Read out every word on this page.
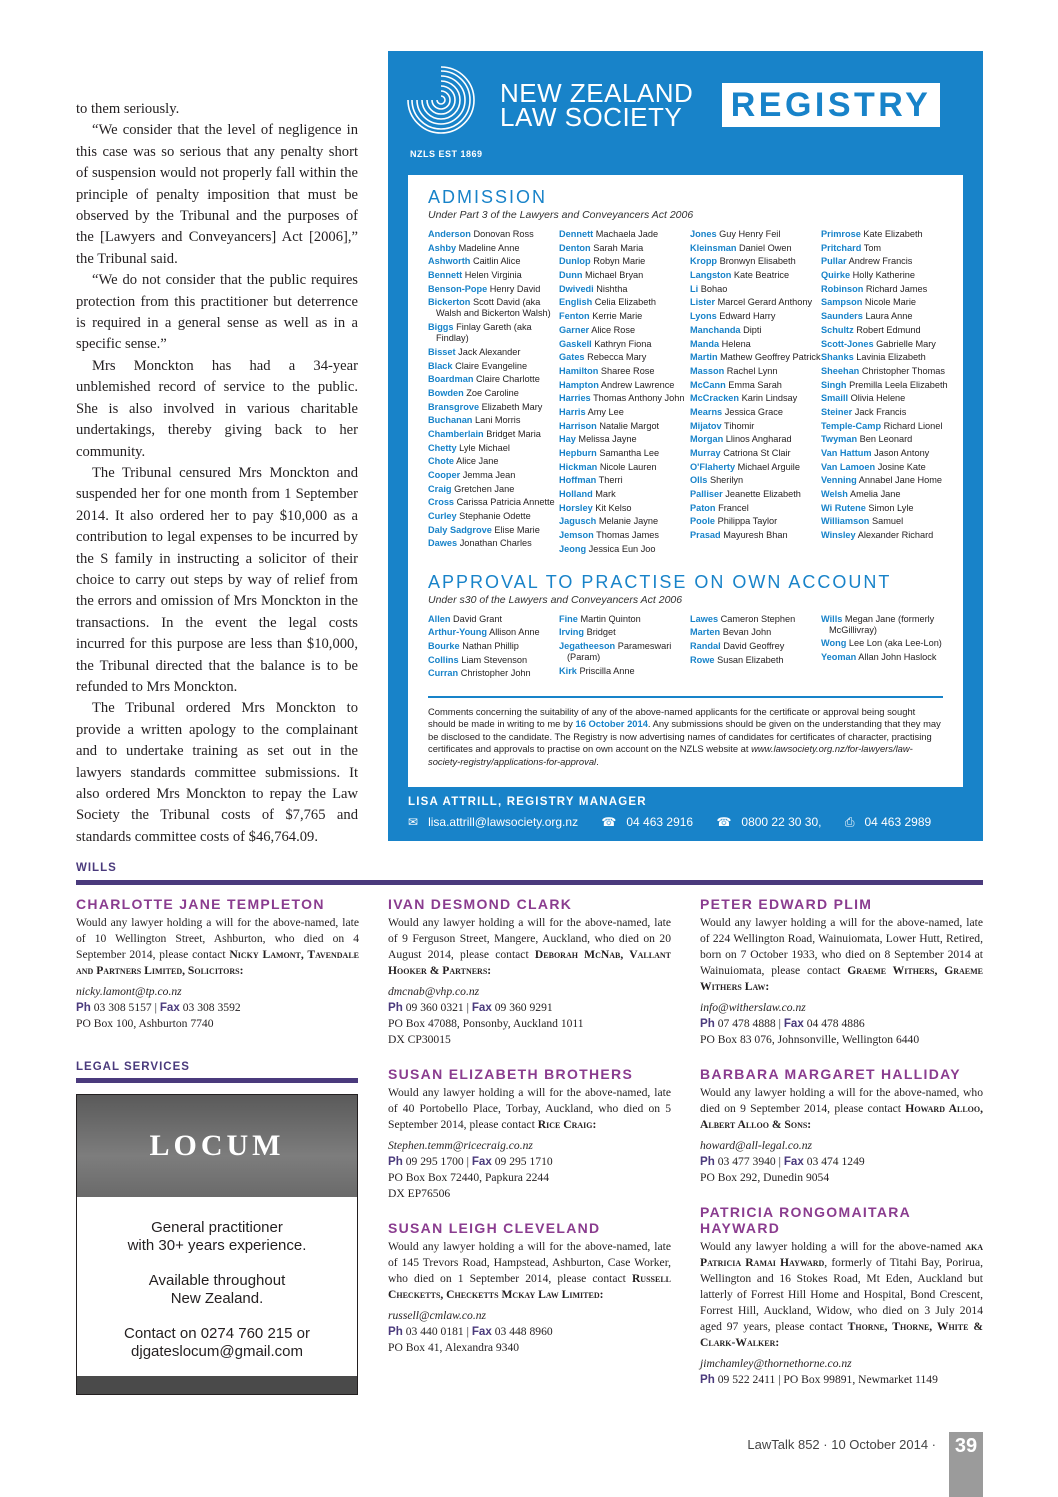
to them seriously.

“We consider that the level of negligence in this case was so serious that any penalty short of suspension would not properly fall within the principle of penalty imposition that must be observed by the Tribunal and the purposes of the [Lawyers and Conveyancers] Act [2006],” the Tribunal said.

“We do not consider that the public requires protection from this practitioner but deterrence is required in a general sense as well as in a specific sense.”

Mrs Monckton has had a 34-year unblemished record of service to the public. She is also involved in various charitable undertakings, thereby giving back to her community.

The Tribunal censured Mrs Monckton and suspended her for one month from 1 September 2014. It also ordered her to pay $10,000 as a contribution to legal expenses to be incurred by the S family in instructing a solicitor of their choice to carry out steps by way of relief from the errors and omission of Mrs Monckton in the transactions. In the event the legal costs incurred for this purpose are less than $10,000, the Tribunal directed that the balance is to be refunded to Mrs Monckton.

The Tribunal ordered Mrs Monckton to provide a written apology to the complainant and to undertake training as set out in the lawyers standards committee submissions. It also ordered Mrs Monckton to repay the Law Society the Tribunal costs of $7,765 and standards committee costs of $46,764.09.

NEW ZEALAND
LAW SOCIETY
NZLS EST 1869
REGISTRY
ADMISSION
Under Part 3 of the Lawyers and Conveyancers Act 2006
Anderson Donovan Ross
Ashby Madeline Anne
Ashworth Caitlin Alice
Bennett Helen Virginia
Benson-Pope Henry David
Bickerton Scott David (aka Walsh and Bickerton Walsh)
Biggs Finlay Gareth (aka Findlay)
Bisset Jack Alexander
Black Claire Evangeline
Boardman Claire Charlotte
Bowden Zoe Caroline
Bransgrove Elizabeth Mary
Buchanan Lani Morris
Chamberlain Bridget Maria
Chetty Lyle Michael
Chote Alice Jane
Cooper Jemma Jean
Craig Gretchen Jane
Cross Carissa Patricia Annette
Curley Stephanie Odette
Daly Sadgrove Elise Marie
Dawes Jonathan Charles
Dennett Machaela Jade
Denton Sarah Maria
Dunlop Robyn Marie
Dunn Michael Bryan
Dwivedi Nishtha
English Celia Elizabeth
Fenton Kerrie Marie
Garner Alice Rose
Gaskell Kathryn Fiona
Gates Rebecca Mary
Hamilton Sharee Rose
Hampton Andrew Lawrence
Harries Thomas Anthony John
Harris Amy Lee
Harrison Natalie Margot
Hay Melissa Jayne
Hepburn Samantha Lee
Hickman Nicole Lauren
Hoffman Therri
Holland Mark
Horsley Kit Kelso
Jagusch Melanie Jayne
Jemson Thomas James
Jeong Jessica Eun Joo
Jones Guy Henry Feil
Kleinsman Daniel Owen
Kropp Bronwyn Elisabeth
Langston Kate Beatrice
Li Bohao
Lister Marcel Gerard Anthony
Lyons Edward Harry
Manchanda Dipti
Manda Helena
Martin Mathew Geoffrey Patrick
Masson Rachel Lynn
McCann Emma Sarah
McCracken Karin Lindsay
Mearns Jessica Grace
Mijatov Tihomir
Morgan Llinos Angharad
Murray Catriona St Clair
O'Flaherty Michael Arguile
Olls Sherilyn
Palliser Jeanette Elizabeth
Paton Francel
Poole Philippa Taylor
Prasad Mayuresh Bhan
Primrose Kate Elizabeth
Pritchard Tom
Pullar Andrew Francis
Quirke Holly Katherine
Robinson Richard James
Sampson Nicole Marie
Saunders Laura Anne
Schultz Robert Edmund
Scott-Jones Gabrielle Mary
Shanks Lavinia Elizabeth
Sheehan Christopher Thomas
Singh Premilla Leela Elizabeth
Smaill Olivia Helene
Steiner Jack Francis
Temple-Camp Richard Lionel
Twyman Ben Leonard
Van Hattum Jason Antony
Van Lamoen Josine Kate
Venning Annabel Jane Home
Welsh Amelia Jane
Wi Rutene Simon Lyle
Williamson Samuel
Winsley Alexander Richard
APPROVAL TO PRACTISE ON OWN ACCOUNT
Under s30 of the Lawyers and Conveyancers Act 2006
Allen David Grant
Arthur-Young Allison Anne
Bourke Nathan Phillip
Collins Liam Stevenson
Curran Christopher John
Fine Martin Quinton
Irving Bridget
Jegatheeson Parameswari (Param)
Kirk Priscilla Anne
Lawes Cameron Stephen
Marten Bevan John
Randal David Geoffrey
Rowe Susan Elizabeth
Wills Megan Jane (formerly McGillivray)
Wong Lee Lon (aka Lee-Lon)
Yeoman Allan John Haslock
Comments concerning the suitability of any of the above-named applicants for the certificate or approval being sought should be made in writing to me by 16 October 2014. Any submissions should be given on the understanding that they may be disclosed to the candidate. The Registry is now advertising names of candidates for certificates of character, practising certificates and approvals to practise on own account on the NZLS website at www.lawsociety.org.nz/for-lawyers/law-society-registry/applications-for-approval.
LISA ATTRILL, REGISTRY MANAGER
✉ lisa.attrill@lawsociety.org.nz ☎ 04 463 2916 ☎ 0800 22 30 30, ⎙ 04 463 2989
WILLS
CHARLOTTE JANE TEMPLETON
Would any lawyer holding a will for the above-named, late of 10 Wellington Street, Ashburton, who died on 4 September 2014, please contact Nicky Lamont, Tavendale and Partners Limited, Solicitors:
nicky.lamont@tp.co.nz
Ph 03 308 5157 | Fax 03 308 3592
PO Box 100, Ashburton 7740
LEGAL SERVICES
LOCUM

General practitioner
with 30+ years experience.

Available throughout
New Zealand.

Contact on 0274 760 215 or
djgateslocum@gmail.com

IVAN DESMOND CLARK
Would any lawyer holding a will for the above-named, late of 9 Ferguson Street, Mangere, Auckland, who died on 20 August 2014, please contact Deborah McNab, Vallant Hooker & Partners:
dmcnab@vhp.co.nz
Ph 09 360 0321 | Fax 09 360 9291
PO Box 47088, Ponsonby, Auckland 1011
DX CP30015
SUSAN ELIZABETH BROTHERS
Would any lawyer holding a will for the above-named, late of 40 Portobello Place, Torbay, Auckland, who died on 5 September 2014, please contact Rice Craig:
Stephen.temm@ricecraig.co.nz
Ph 09 295 1700 | Fax 09 295 1710
PO Box Box 72440, Papkura 2244
DX EP76506
SUSAN LEIGH CLEVELAND
Would any lawyer holding a will for the above-named, late of 145 Trevors Road, Hampstead, Ashburton, Case Worker, who died on 1 September 2014, please contact Russell Checketts, Checketts Mckay Law Limited:
russell@cmlaw.co.nz
Ph 03 440 0181 | Fax 03 448 8960
PO Box 41, Alexandra 9340
PETER EDWARD PLIM
Would any lawyer holding a will for the above-named, late of 224 Wellington Road, Wainuiomata, Lower Hutt, Retired, born on 7 October 1933, who died on 8 September 2014 at Wainuiomata, please contact Graeme Withers, Graeme Withers Law:
info@witherslaw.co.nz
Ph 07 478 4888 | Fax 04 478 4886
PO Box 83 076, Johnsonville, Wellington 6440
BARBARA MARGARET HALLIDAY
Would any lawyer holding a will for the above-named, who died on 9 September 2014, please contact Howard Alloo, Albert Alloo & Sons:
howard@all-legal.co.nz
Ph 03 477 3940 | Fax 03 474 1249
PO Box 292, Dunedin 9054
PATRICIA RONGOMAITARA HAYWARD
Would any lawyer holding a will for the above-named aka Patricia Ramai Hayward, formerly of Titahi Bay, Porirua, Wellington and 16 Stokes Road, Mt Eden, Auckland but latterly of Forrest Hill Home and Hospital, Bond Crescent, Forrest Hill, Auckland, Widow, who died on 3 July 2014 aged 97 years, please contact Thorne, Thorne, White & Clark-Walker:
jimchamley@thornethorne.co.nz
Ph 09 522 2411 | PO Box 99891, Newmarket 1149
LawTalk 852 · 10 October 2014 · 39
